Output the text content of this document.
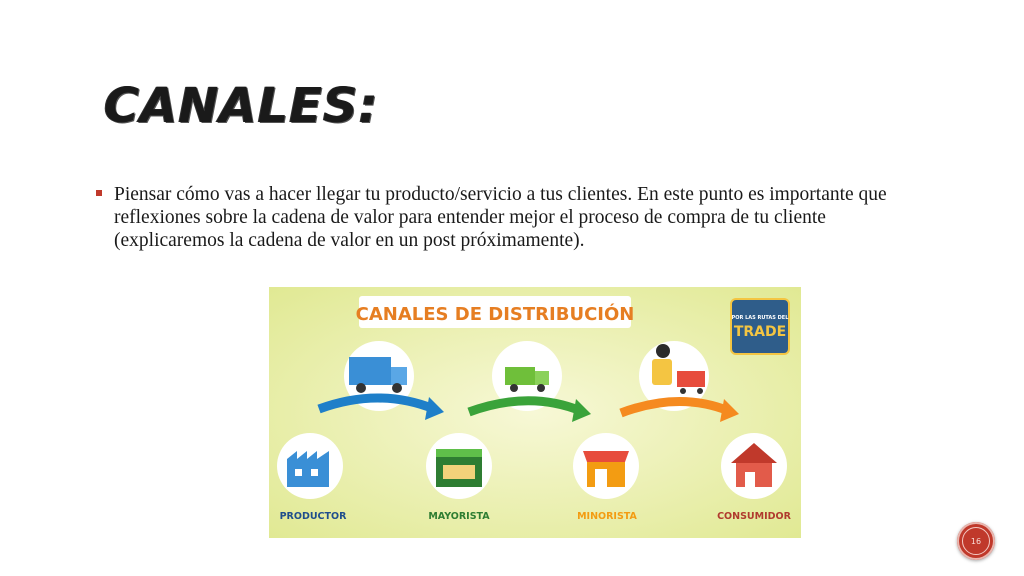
CANALES:

Piensar cómo vas a hacer llegar tu producto/servicio a tus clientes. En este punto es importante que reflexiones sobre la cadena de valor para entender mejor el proceso de compra de tu cliente (explicaremos la cadena de valor en un post próximamente).

CANALES DE DISTRIBUCIÓN	POR LAS RUTAS DEL
TRADE
PRODUCTOR	MAYORISTA	MINORISTA	CONSUMIDOR
16
